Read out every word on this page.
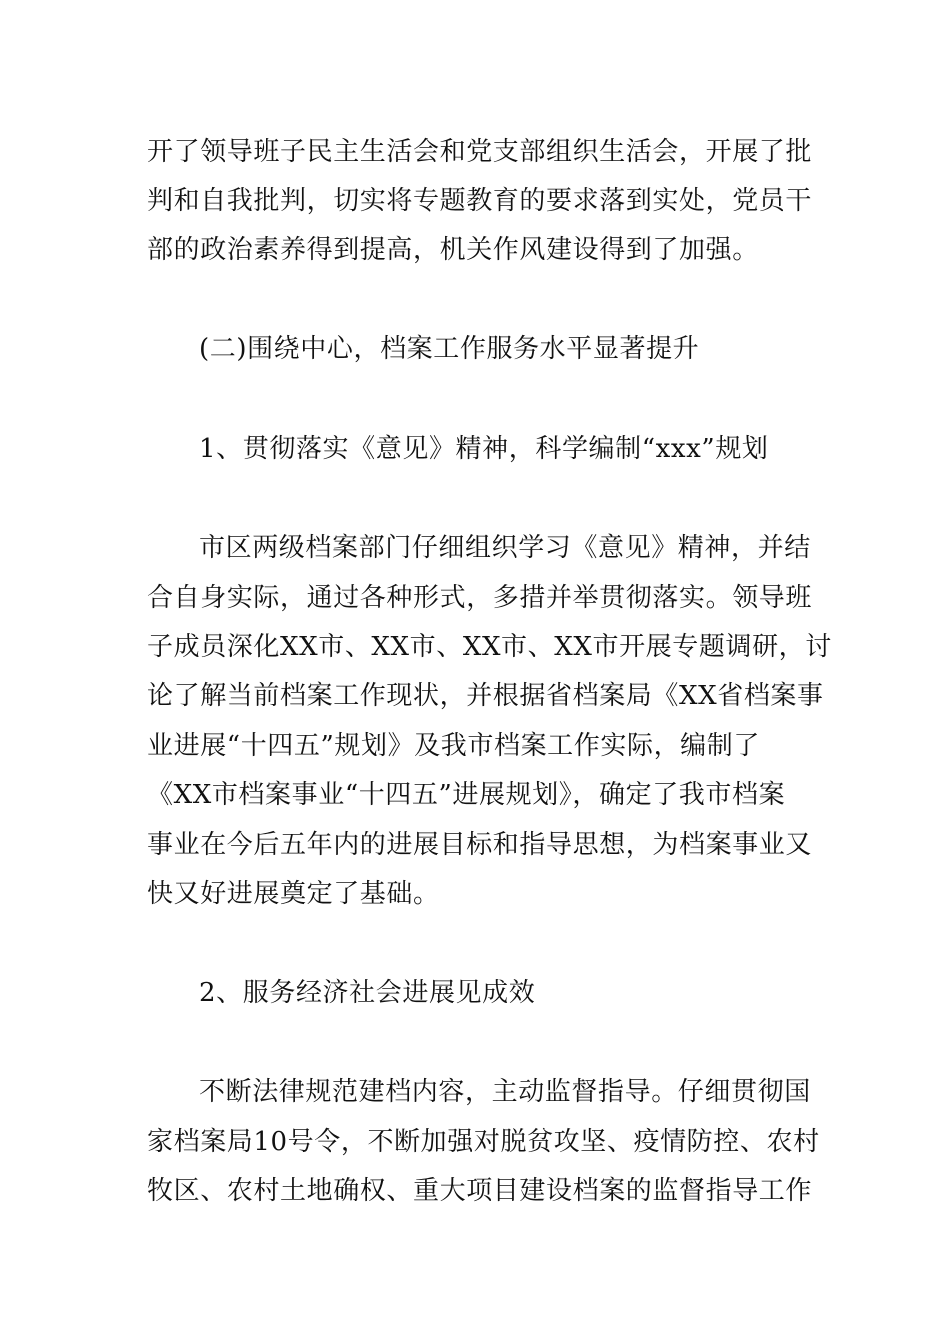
开了领导班子民主生活会和党支部组织生活会，开展了批
判和自我批判，切实将专题教育的要求落到实处，党员干
部的政治素养得到提高，机关作风建设得到了加强。
(二)围绕中心，档案工作服务水平显著提升
1、贯彻落实《意见》精神，科学编制“xxx”规划
市区两级档案部门仔细组织学习《意见》精神，并结
合自身实际，通过各种形式，多措并举贯彻落实。领导班
子成员深化XX市、XX市、XX市、XX市开展专题调研，讨
论了解当前档案工作现状，并根据省档案局《XX省档案事
业进展“十四五”规划》及我市档案工作实际，编制了
《XX市档案事业“十四五”进展规划》，确定了我市档案
事业在今后五年内的进展目标和指导思想，为档案事业又
快又好进展奠定了基础。
2、服务经济社会进展见成效
不断法律规范建档内容，主动监督指导。仔细贯彻国
家档案局10号令，不断加强对脱贫攻坚、疫情防控、农村
牧区、农村土地确权、重大项目建设档案的监督指导工作
